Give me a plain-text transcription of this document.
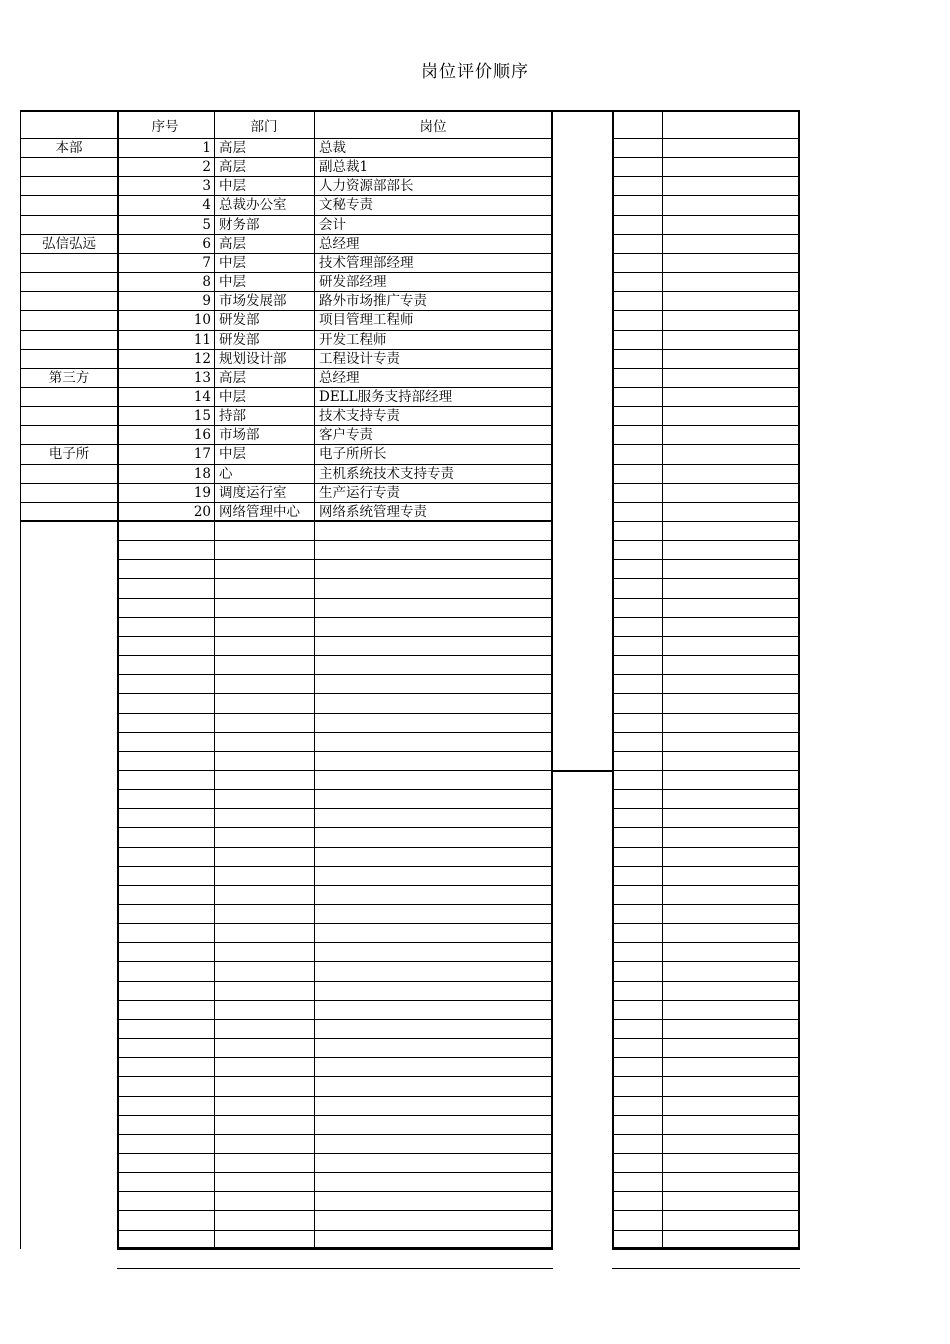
岗位评价顺序
序号	部门	岗位
本部	1 高层	总裁
2 高层	副总裁1
3 中层	人力资源部部长
4 总裁办公室	文秘专责
5 财务部	会计
弘信弘远	6 高层	总经理
7 中层	技术管理部经理
8 中层	研发部经理
9 市场发展部	路外市场推广专责
10 研发部	项目管理工程师
11 研发部	开发工程师
12 规划设计部	工程设计专责
第三方	13 高层	总经理
14 中层	DELL服务支持部经理
15 持部	技术支持专责
16 市场部	客户专责
电子所	17 中层	电子所所长
18 心	主机系统技术支持专责
19 调度运行室	生产运行专责
20 网络管理中心	网络系统管理专责
